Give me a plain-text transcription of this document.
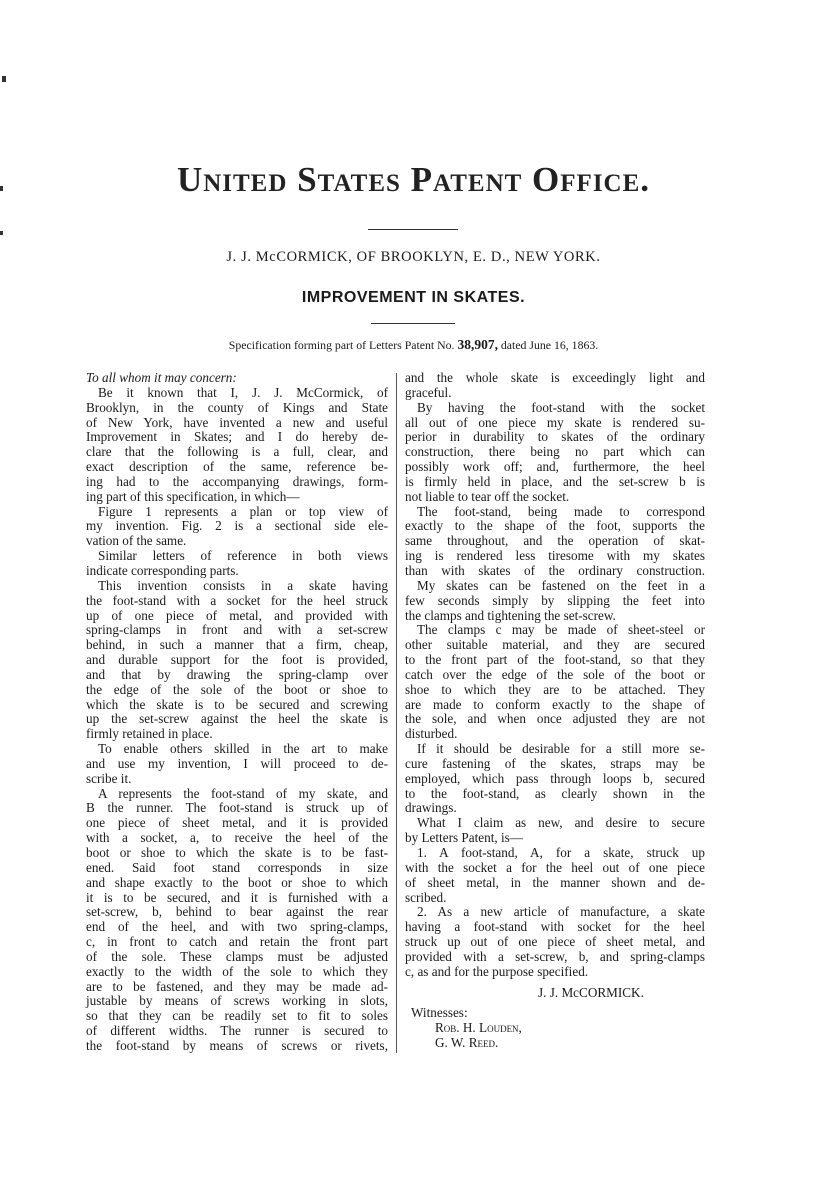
United States Patent Office.
J. J. McCORMICK, OF BROOKLYN, E. D., NEW YORK.
IMPROVEMENT IN SKATES.
Specification forming part of Letters Patent No. 38,907, dated June 16, 1863.
To all whom it may concern:
Be it known that I, J. J. McCormick, of
Brooklyn, in the county of Kings and State
of New York, have invented a new and useful
Improvement in Skates; and I do hereby de-
clare that the following is a full, clear, and
exact description of the same, reference be-
ing had to the accompanying drawings, form-
ing part of this specification, in which—
Figure 1 represents a plan or top view of
my invention. Fig. 2 is a sectional side ele-
vation of the same.
Similar letters of reference in both views
indicate corresponding parts.
This invention consists in a skate having
the foot-stand with a socket for the heel struck
up of one piece of metal, and provided with
spring-clamps in front and with a set-screw
behind, in such a manner that a firm, cheap,
and durable support for the foot is provided,
and that by drawing the spring-clamp over
the edge of the sole of the boot or shoe to
which the skate is to be secured and screwing
up the set-screw against the heel the skate is
firmly retained in place.
To enable others skilled in the art to make
and use my invention, I will proceed to de-
scribe it.
A represents the foot-stand of my skate, and
B the runner. The foot-stand is struck up of
one piece of sheet metal, and it is provided
with a socket, a, to receive the heel of the
boot or shoe to which the skate is to be fast-
ened. Said foot stand corresponds in size
and shape exactly to the boot or shoe to which
it is to be secured, and it is furnished with a
set-screw, b, behind to bear against the rear
end of the heel, and with two spring-clamps,
c, in front to catch and retain the front part
of the sole. These clamps must be adjusted
exactly to the width of the sole to which they
are to be fastened, and they may be made ad-
justable by means of screws working in slots,
so that they can be readily set to fit to soles
of different widths. The runner is secured to
the foot-stand by means of screws or rivets,
and the whole skate is exceedingly light and
graceful.
By having the foot-stand with the socket
all out of one piece my skate is rendered su-
perior in durability to skates of the ordinary
construction, there being no part which can
possibly work off; and, furthermore, the heel
is firmly held in place, and the set-screw b is
not liable to tear off the socket.
The foot-stand, being made to correspond
exactly to the shape of the foot, supports the
same throughout, and the operation of skat-
ing is rendered less tiresome with my skates
than with skates of the ordinary construction.
My skates can be fastened on the feet in a
few seconds simply by slipping the feet into
the clamps and tightening the set-screw.
The clamps c may be made of sheet-steel or
other suitable material, and they are secured
to the front part of the foot-stand, so that they
catch over the edge of the sole of the boot or
shoe to which they are to be attached. They
are made to conform exactly to the shape of
the sole, and when once adjusted they are not
disturbed.
If it should be desirable for a still more se-
cure fastening of the skates, straps may be
employed, which pass through loops b, secured
to the foot-stand, as clearly shown in the
drawings.
What I claim as new, and desire to secure
by Letters Patent, is—
1. A foot-stand, A, for a skate, struck up
with the socket a for the heel out of one piece
of sheet metal, in the manner shown and de-
scribed.
2. As a new article of manufacture, a skate
having a foot-stand with socket for the heel
struck up out of one piece of sheet metal, and
provided with a set-screw, b, and spring-clamps
c, as and for the purpose specified.
J. J. McCORMICK.
Witnesses:
Rob. H. Louden,
G. W. Reed.
